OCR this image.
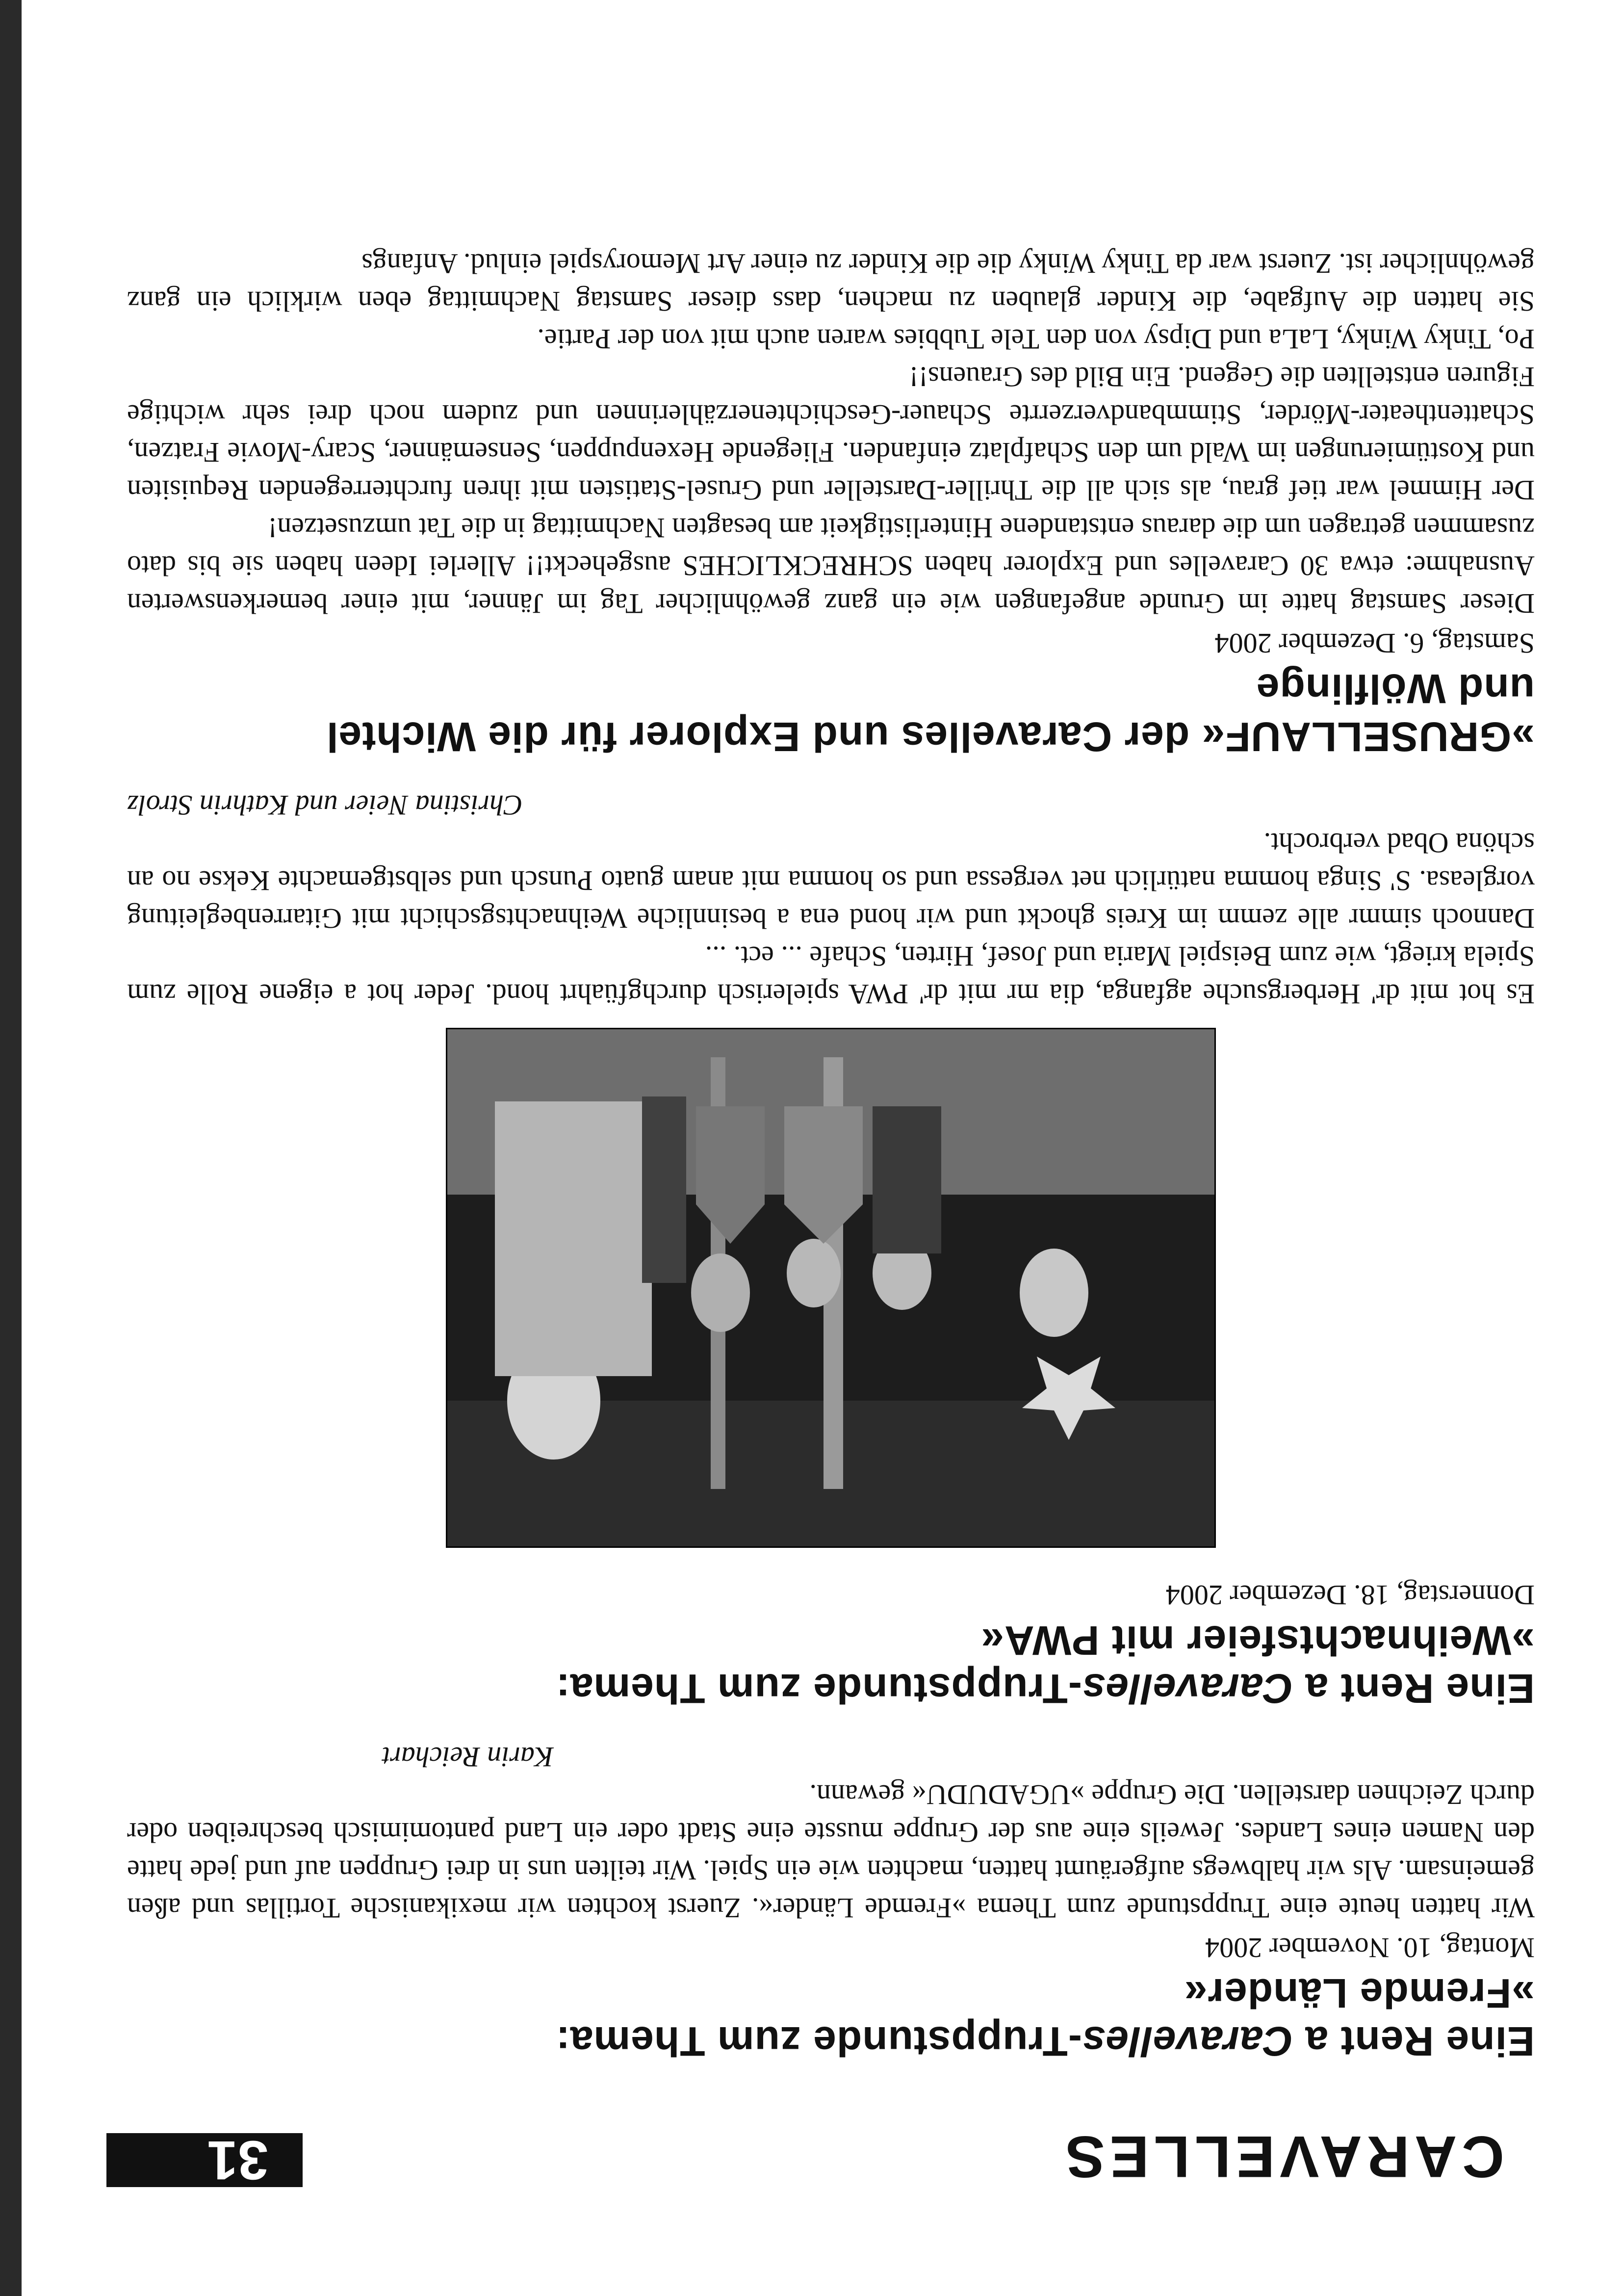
CARAVELLES
31
Eine Rent a Caravelles-Truppstunde zum Thema:
»Fremde Länder«
Montag, 10. November 2004

Wir hatten heute eine Truppstunde zum Thema »Fremde Länder«. Zuerst kochten wir mexikanische Tortillas und aßen gemeinsam. Als wir halbwegs aufgeräumt hatten, machten wie ein Spiel. Wir teilten uns in drei Gruppen auf und jede hatte den Namen eines Landes. Jeweils eine aus der Gruppe musste eine Stadt oder ein Land pantomimisch beschreiben oder durch Zeichnen darstellen. Die Gruppe »UGADUDU« gewann.

Karin Reichart
Eine Rent a Caravelles-Truppstunde zum Thema:
»Weihnachtsfeier mit PWA«
Donnerstag, 18. Dezember 2004

Es hot mit dr' Herbergsuche agfanga, dia mr mit dr' PWA spielerisch durchgfüahrt hond. Jeder hot a eigene Rolle zum Spiela kriegt, wie zum Beispiel Maria und Josef, Hirten, Schafe ... ect. ...

Dannoch simmr alle zemm im Kreis ghockt und wir hond ena a besinnliche Weihnachtsgschicht mit Gitarrenbegleitung vorgleasa. S' Singa homma natürlich net vergessa und so homma mit anam guato Punsch und selbstgemachte Kekse no an schöna Obad verbrocht.

Christina Neier und Kathrin Strolz
»GRUSELLAUF« der Caravelles und Explorer für die Wichtel
und Wölflinge
Samstag, 6. Dezember 2004

Dieser Samstag hatte im Grunde angefangen wie ein ganz gewöhnlicher Tag im Jänner, mit einer bemerkenswerten Ausnahme: etwa 30 Caravelles und Explorer haben SCHRECKLICHES ausgeheckt!! Allerlei Ideen haben sie bis dato zusammen getragen um die daraus entstandene Hinterlistigkeit am besagten Nachmittag in die Tat umzusetzen!

Der Himmel war tief grau, als sich all die Thriller-Darsteller und Grusel-Statisten mit ihren furchterregenden Requisiten und Kostümierungen im Wald um den Schafplatz einfanden. Fliegende Hexenpuppen, Sensemänner, Scary-Movie Fratzen, Schattentheater-Mörder, Stimmbandverzerrte Schauer-Geschichtenerzählerinnen und zudem noch drei sehr wichtige Figuren entstellten die Gegend. Ein Bild des Grauens!!

Po, Tinky Winky, LaLa und Dipsy von den Tele Tubbies waren auch mit von der Partie.

Sie hatten die Aufgabe, die Kinder glauben zu machen, dass dieser Samstag Nachmittag eben wirklich ein ganz gewöhnlicher ist. Zuerst war da Tinky Winky die die Kinder zu einer Art Memoryspiel einlud. Anfangs
